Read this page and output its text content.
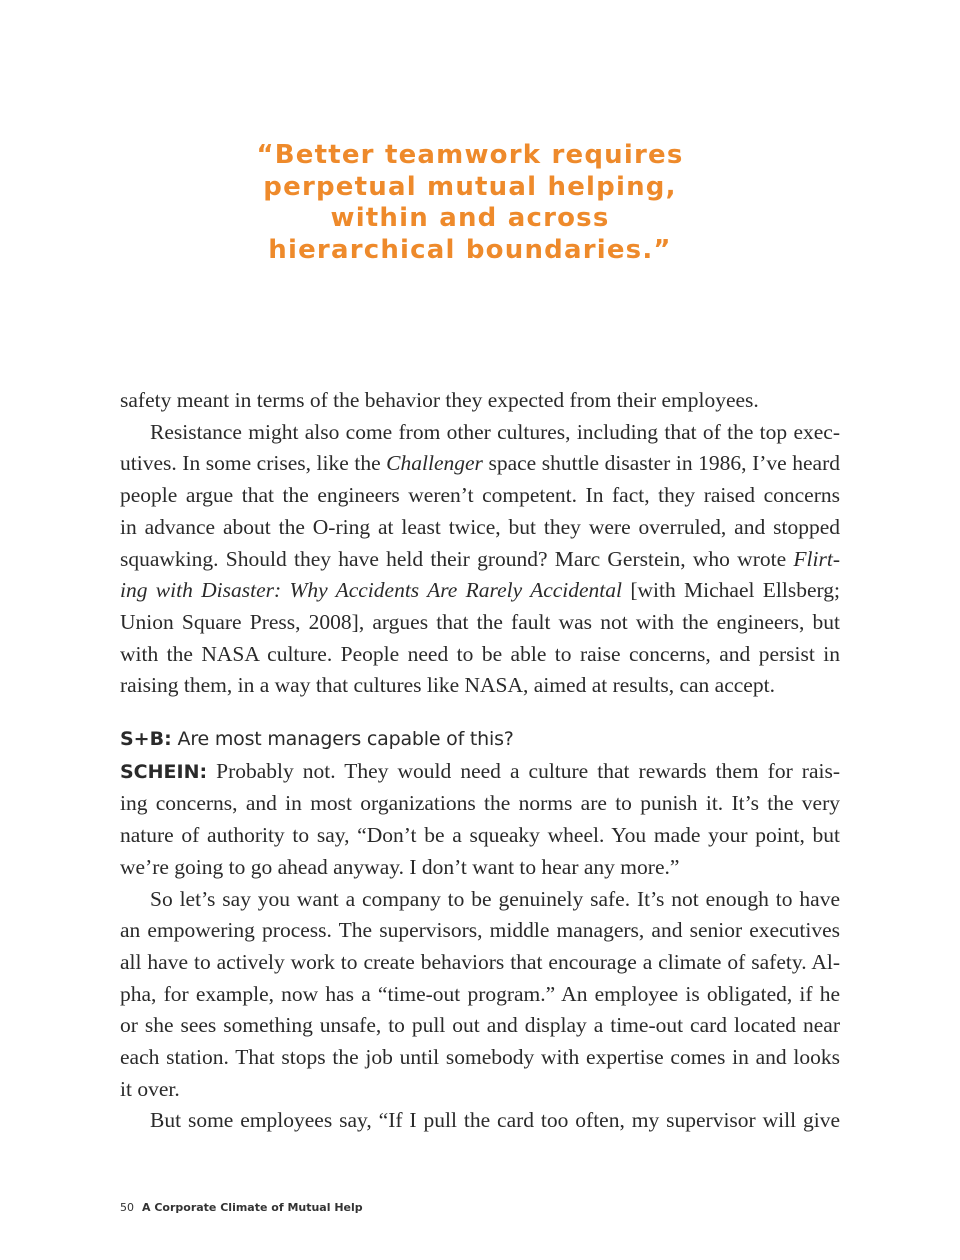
“Better teamwork requires
perpetual mutual helping,
within and across
hierarchical boundaries.”
safety meant in terms of the behavior they expected from their employees.
Resistance might also come from other cultures, including that of the top exec-
utives. In some crises, like the Challenger space shuttle disaster in 1986, I’ve heard
people argue that the engineers weren’t competent. In fact, they raised concerns
in advance about the O-ring at least twice, but they were overruled, and stopped
squawking. Should they have held their ground? Marc Gerstein, who wrote Flirt-
ing with Disaster: Why Accidents Are Rarely Accidental [with Michael Ellsberg;
Union Square Press, 2008], argues that the fault was not with the engineers, but
with the NASA culture. People need to be able to raise concerns, and persist in
raising them, in a way that cultures like NASA, aimed at results, can accept.
S+B: Are most managers capable of this?
SCHEIN: Probably not. They would need a culture that rewards them for rais-
ing concerns, and in most organizations the norms are to punish it. It’s the very
nature of authority to say, “Don’t be a squeaky wheel. You made your point, but
we’re going to go ahead anyway. I don’t want to hear any more.”
So let’s say you want a company to be genuinely safe. It’s not enough to have
an empowering process. The supervisors, middle managers, and senior executives
all have to actively work to create behaviors that encourage a climate of safety. Al-
pha, for example, now has a “time-out program.” An employee is obligated, if he
or she sees something unsafe, to pull out and display a time-out card located near
each station. That stops the job until somebody with expertise comes in and looks
it over.
But some employees say, “If I pull the card too often, my supervisor will give
50 A Corporate Climate of Mutual Help
